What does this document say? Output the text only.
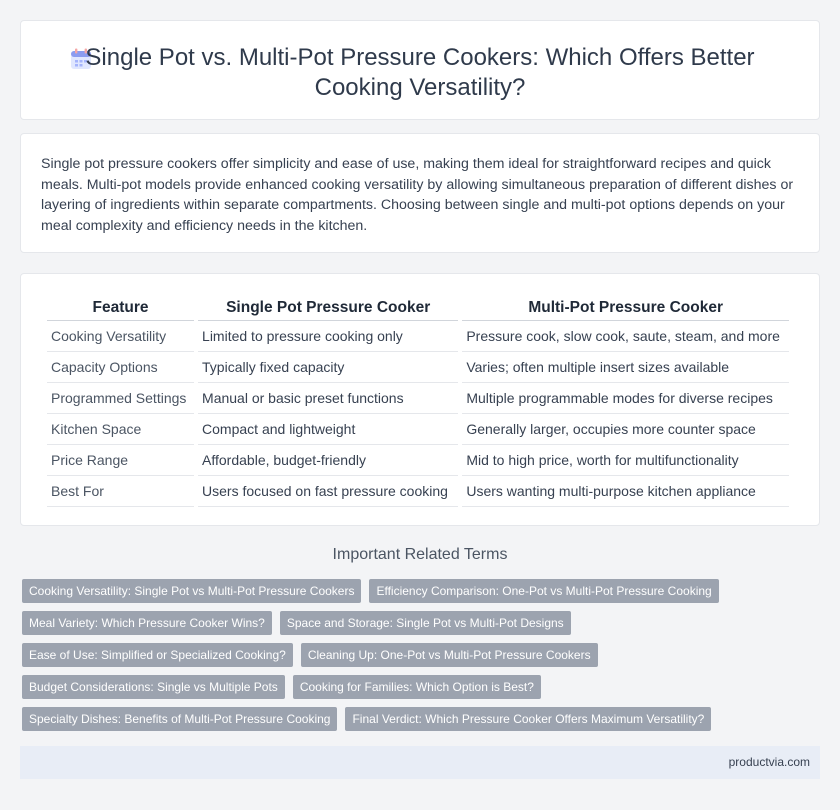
Single Pot vs. Multi-Pot Pressure Cookers: Which Offers Better Cooking Versatility?

Single pot pressure cookers offer simplicity and ease of use, making them ideal for straightforward recipes and quick meals. Multi-pot models provide enhanced cooking versatility by allowing simultaneous preparation of different dishes or layering of ingredients within separate compartments. Choosing between single and multi-pot options depends on your meal complexity and efficiency needs in the kitchen.

Feature	Single Pot Pressure Cooker	Multi-Pot Pressure Cooker
Cooking Versatility	Limited to pressure cooking only	Pressure cook, slow cook, saute, steam, and more
Capacity Options	Typically fixed capacity	Varies; often multiple insert sizes available
Programmed Settings	Manual or basic preset functions	Multiple programmable modes for diverse recipes
Kitchen Space	Compact and lightweight	Generally larger, occupies more counter space
Price Range	Affordable, budget-friendly	Mid to high price, worth for multifunctionality
Best For	Users focused on fast pressure cooking	Users wanting multi-purpose kitchen appliance
Important Related Terms
Cooking Versatility: Single Pot vs Multi-Pot Pressure Cookers	Efficiency Comparison: One-Pot vs Multi-Pot Pressure Cooking
Meal Variety: Which Pressure Cooker Wins?	Space and Storage: Single Pot vs Multi-Pot Designs
Ease of Use: Simplified or Specialized Cooking?	Cleaning Up: One-Pot vs Multi-Pot Pressure Cookers
Budget Considerations: Single vs Multiple Pots	Cooking for Families: Which Option is Best?
Specialty Dishes: Benefits of Multi-Pot Pressure Cooking	Final Verdict: Which Pressure Cooker Offers Maximum Versatility?
productvia.com
